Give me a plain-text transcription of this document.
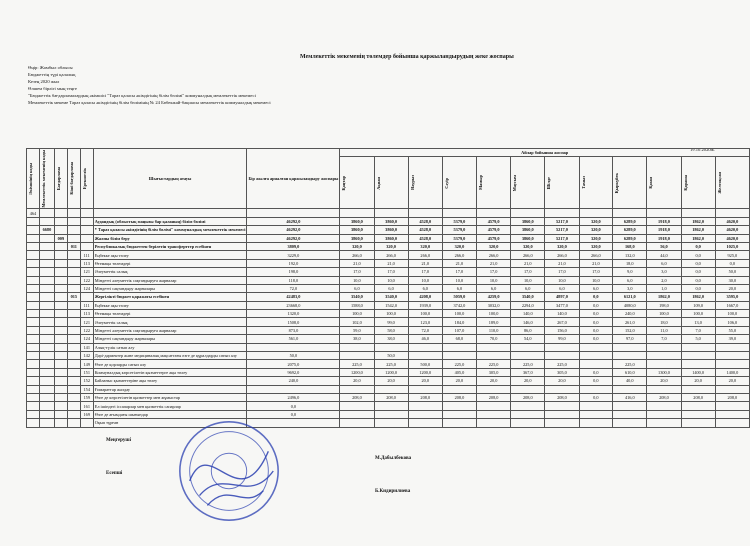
Мемлекеттік мекеменің төлемдер бойынша қаржыландырудың жеке жоспары
Өңір: Жамбыл облысы
Бюджеттің түрі қалалық
Кезең 2020 жыл
Өлшем бірлігі мың теңге
"Бюджеттік бағдарламалардың әкімшісі "Тараз қаласы әкімдігінің білім бөлімі" коммуналдық мемлекеттік мекемесі
Мемлекеттік мекеме Тараз қаласы әкімдігінің білім бөлімінің № 24 Бөбекжай-бақшасы мемлекеттік коммуналдық мекемесі
19.10.2020ж.
Әкімшінің коды	Мемлекеттік мекеменің коды	Бағдарлама	Кіші бағдарлама	Ерекшелік	Шығыстардың атауы	Бір жылға арналған қаржыландыру жоспары	Айлар бойынша жоспар											

							Қаңтар	Ақпан	Наурыз	Сәуір	Мамыр	Маусым	Шілде	Тамыз	Қыркүйек	Қазан	Қараша	Желтоқсан

464																		
					Аудандық (облыстық маңызы бар қаланың) білім бөлімі	46292,0	3860,0	3860,0	4528,0	5379,0	4579,0	3860,0	5217,0	320,0	6289,0	1918,0	1862,0	4620,0
	6680				* Тараз қаласы әкімдігінің білім бөлімі" коммуналдық мемлекеттік мекемесі	46292,0	3860,0	3860,0	4528,0	5379,0	4579,0	3860,0	5217,0	320,0	6289,0	1918,0	1862,0	4620,0
		009			Жалпы білім беру	46292,0	3860,0	3860,0	4528,0	5379,0	4579,0	3860,0	5217,0	320,0	6289,0	1918,0	1862,0	4620,0
			011		Республикалық бюджеттен берілетін трансферттер есебінен	3809,0	320,0	320,0	320,0	320,0	320,0	320,0	320,0	320,0	168,0	56,0	0,0	1025,0
				111	Еңбекке ақы төлеу	3229,0	266,0	266,0	266,0	266,0	266,0	266,0	266,0	266,0	132,0	44,0	0,0	925,0
				113	Өтемақы төлемдері	192,0	21,0	21,0	21,0	21,0	21,0	21,0	21,0	21,0	18,0	6,0	0,0	0,0
				121	Әлеуметтік салық	198,0	17,0	17,0	17,0	17,0	17,0	17,0	17,0	17,0	9,0	3,0	0,0	50,0
				122	Міндетті әлеуметтік сақтандыруға жарналар	118,0	10,0	10,0	10,0	10,0	10,0	10,0	10,0	10,0	6,0	2,0	0,0	30,0
				124	Міндетті сақтандыру жарналары	72,0	6,0	6,0	6,0	6,0	6,0	6,0	6,0	6,0	3,0	1,0	0,0	20,0
			015		Жергілікті бюджет қаражаты есебінен	42483,0	3540,0	3540,0	4208,0	5059,0	4259,0	3540,0	4897,0	0,0	6121,0	1862,0	1862,0	3595,0
				111	Еңбекке ақы төлеу	23668,0	1588,0	1542,0	1939,0	3742,0	3032,0	2294,0	3477,0	0,0	4080,0	198,0	109,0	1667,0
				113	Өтемақы төлемдері	1320,0	100,0	100,0	100,0	100,0	100,0	140,0	140,0	0,0	240,0	100,0	100,0	100,0
				121	Әлеуметтік салық	1508,0	102,0	99,0	123,0	184,0	189,0	146,0	267,0	0,0	261,0	18,0	13,0	106,0
				122	Міндетті әлеуметтік сақтандыруға жарналар	873,0	59,0	58,0	72,0	107,0	110,0	86,0	156,0	0,0	152,0	11,0	7,0	55,0
				124	Міндетті сақтандыру жарналары	561,0	38,0	38,0	46,0	68,0	70,0	54,0	99,0	0,0	97,0	7,0	5,0	39,0
				141	Азық-түлік сатып алу													
				142	Дәрі-дәрмектер және медициналық мақсаттағы өзге де құралдарды сатып алу	50,0		50,0										
				149	Өзге де қорларды сатып алу	2075,0	225,0	225,0	500,0	225,0	225,0	225,0	225,0		225,0			
				151	Коммуналдық көрсетілетін қызметтерге ақы төлеу	9692,0	1200,0	1200,0	1200,0	405,0	305,0	367,0	305,0	0,0	610,0	1300,0	1400,0	1400,0
				152	Байланыс қызметтеріне ақы төлеу	240,0	20,0	20,0	20,0	20,0	20,0	20,0	20,0	0,0	40,0	20,0	20,0	20,0
				154	Ғимараттар жалдау													
				159	Өзге де көрсетілетін қызметтер мен жұмыстар	2496,0	208,0	208,0	208,0	208,0	208,0	208,0	208,0	0,0	416,0	208,0	208,0	208,0
				161	Ел ішіндегі іссапарлар мен қызметтік сапарлар	0,0												
				169	Өзге де ағымдағы шығындар	0,0												
					Оқып тұрған													
Меңгеруші
Есепші
М.Дабылбекова
Б.Кидирилиева
